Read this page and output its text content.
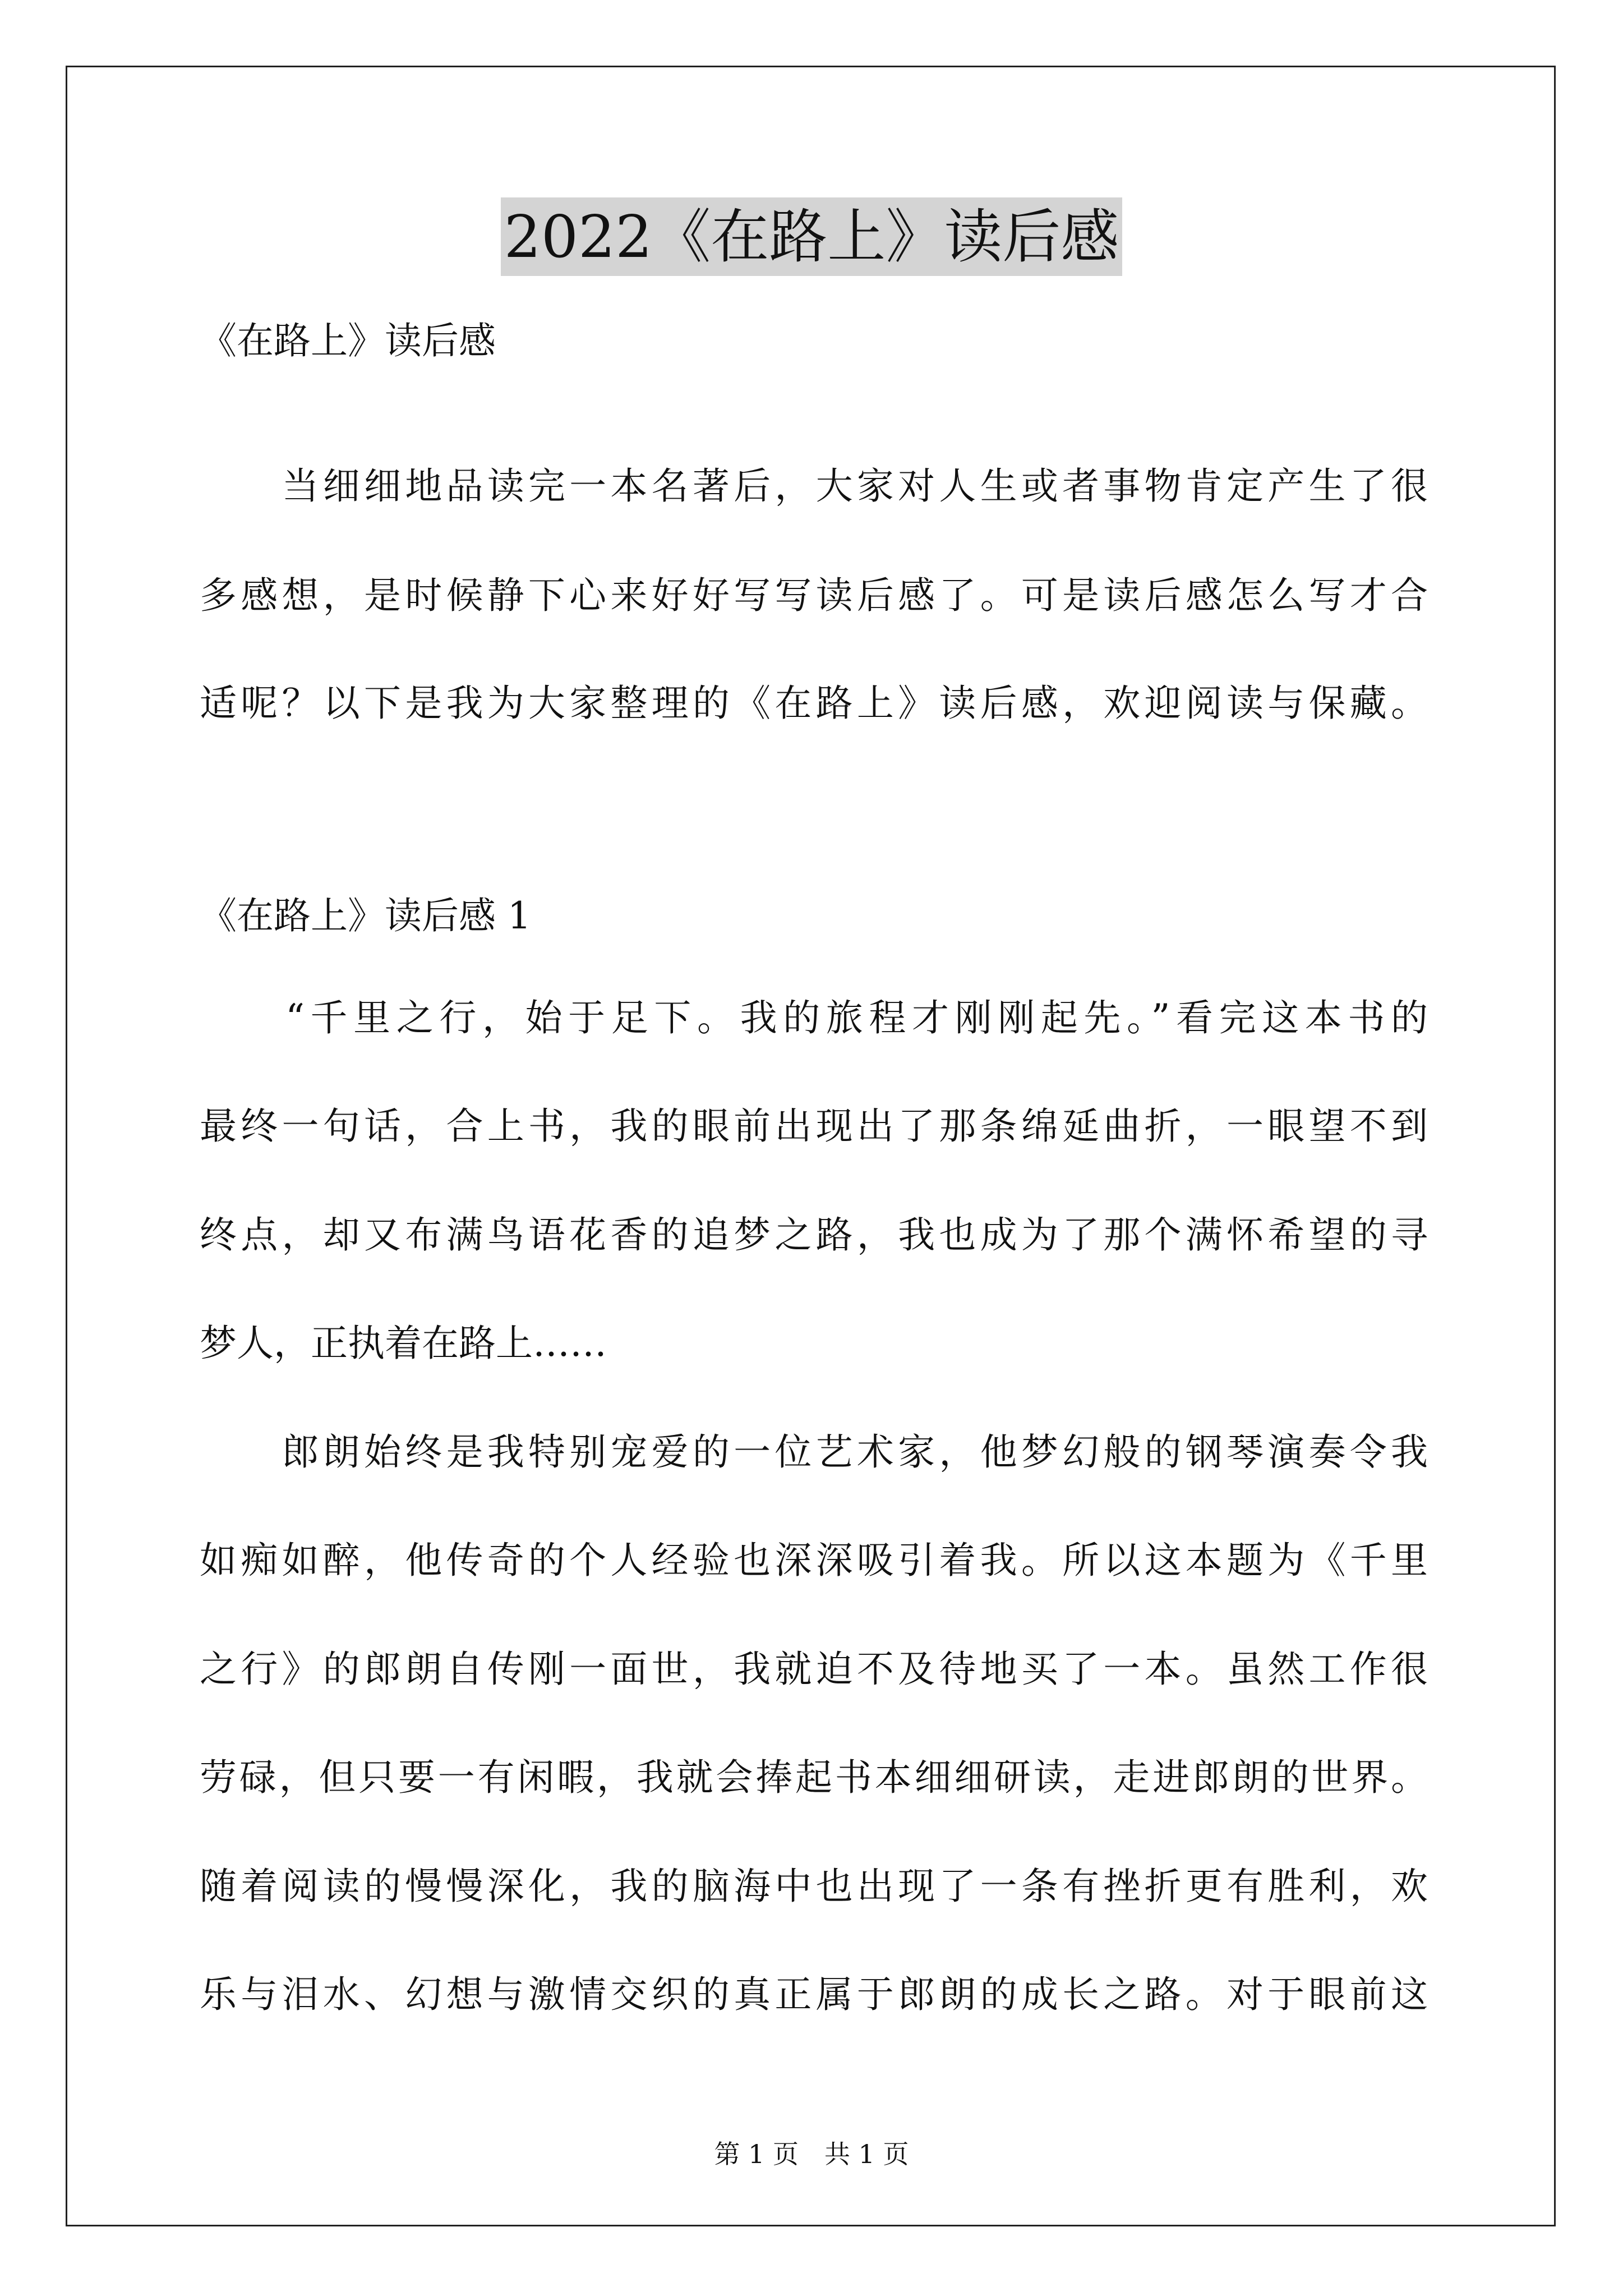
2022《在路上》读后感
《在路上》读后感
　　当细细地品读完一本名著后，大家对人生或者事物肯定产生了很
多感想，是时候静下心来好好写写读后感了。可是读后感怎么写才合
适呢？以下是我为大家整理的《在路上》读后感，欢迎阅读与保藏。
《在路上》读后感 1
　　“千里之行，始于足下。我的旅程才刚刚起先。”看完这本书的
最终一句话，合上书，我的眼前出现出了那条绵延曲折，一眼望不到
终点，却又布满鸟语花香的追梦之路，我也成为了那个满怀希望的寻
梦人，正执着在路上……
　　郎朗始终是我特别宠爱的一位艺术家，他梦幻般的钢琴演奏令我
如痴如醉，他传奇的个人经验也深深吸引着我。所以这本题为《千里
之行》的郎朗自传刚一面世，我就迫不及待地买了一本。虽然工作很
劳碌，但只要一有闲暇，我就会捧起书本细细研读，走进郎朗的世界。
随着阅读的慢慢深化，我的脑海中也出现了一条有挫折更有胜利，欢
乐与泪水、幻想与激情交织的真正属于郎朗的成长之路。对于眼前这
第 1 页　共 1 页
